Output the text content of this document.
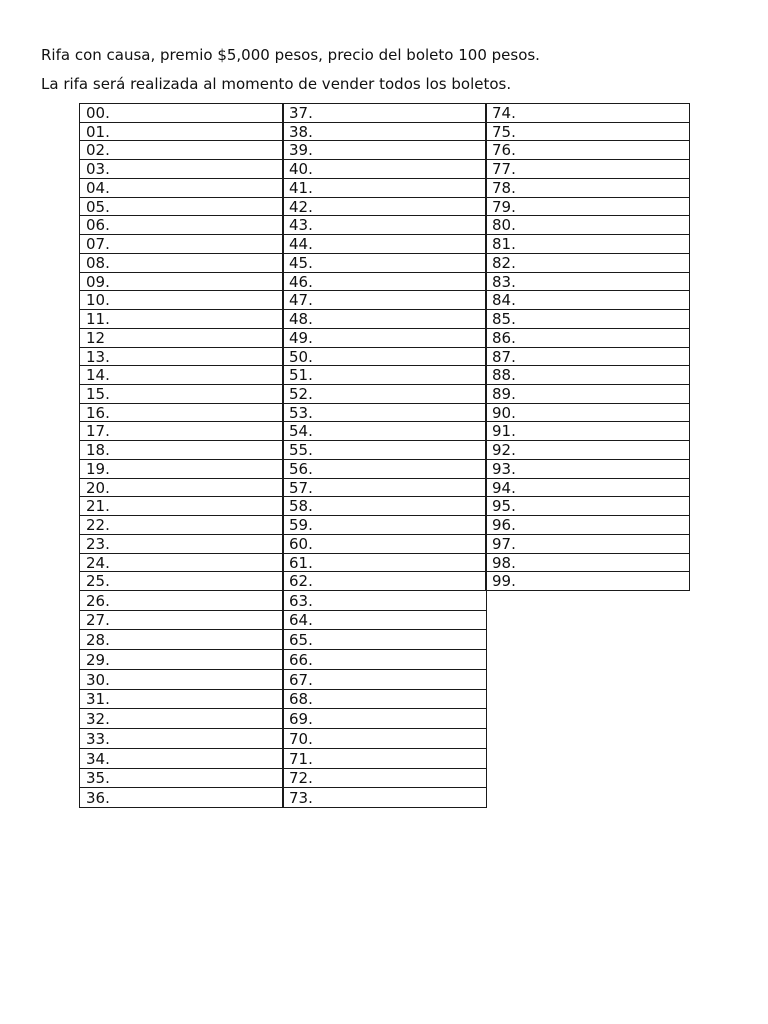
Rifa con causa, premio $5,000 pesos, precio del boleto 100 pesos.
La rifa será realizada al momento de vender todos los boletos.
00.
01.
02.
03.
04.
05.
06.
07.
08.
09.
10.
11.
12
13.
14.
15.
16.
17.
18.
19.
20.
21.
22.
23.
24.
25.
26.
27.
28.
29.
30.
31.
32.
33.
34.
35.
36.
37.
38.
39.
40.
41.
42.
43.
44.
45.
46.
47.
48.
49.
50.
51.
52.
53.
54.
55.
56.
57.
58.
59.
60.
61.
62.
63.
64.
65.
66.
67.
68.
69.
70.
71.
72.
73.
74.
75.
76.
77.
78.
79.
80.
81.
82.
83.
84.
85.
86.
87.
88.
89.
90.
91.
92.
93.
94.
95.
96.
97.
98.
99.
